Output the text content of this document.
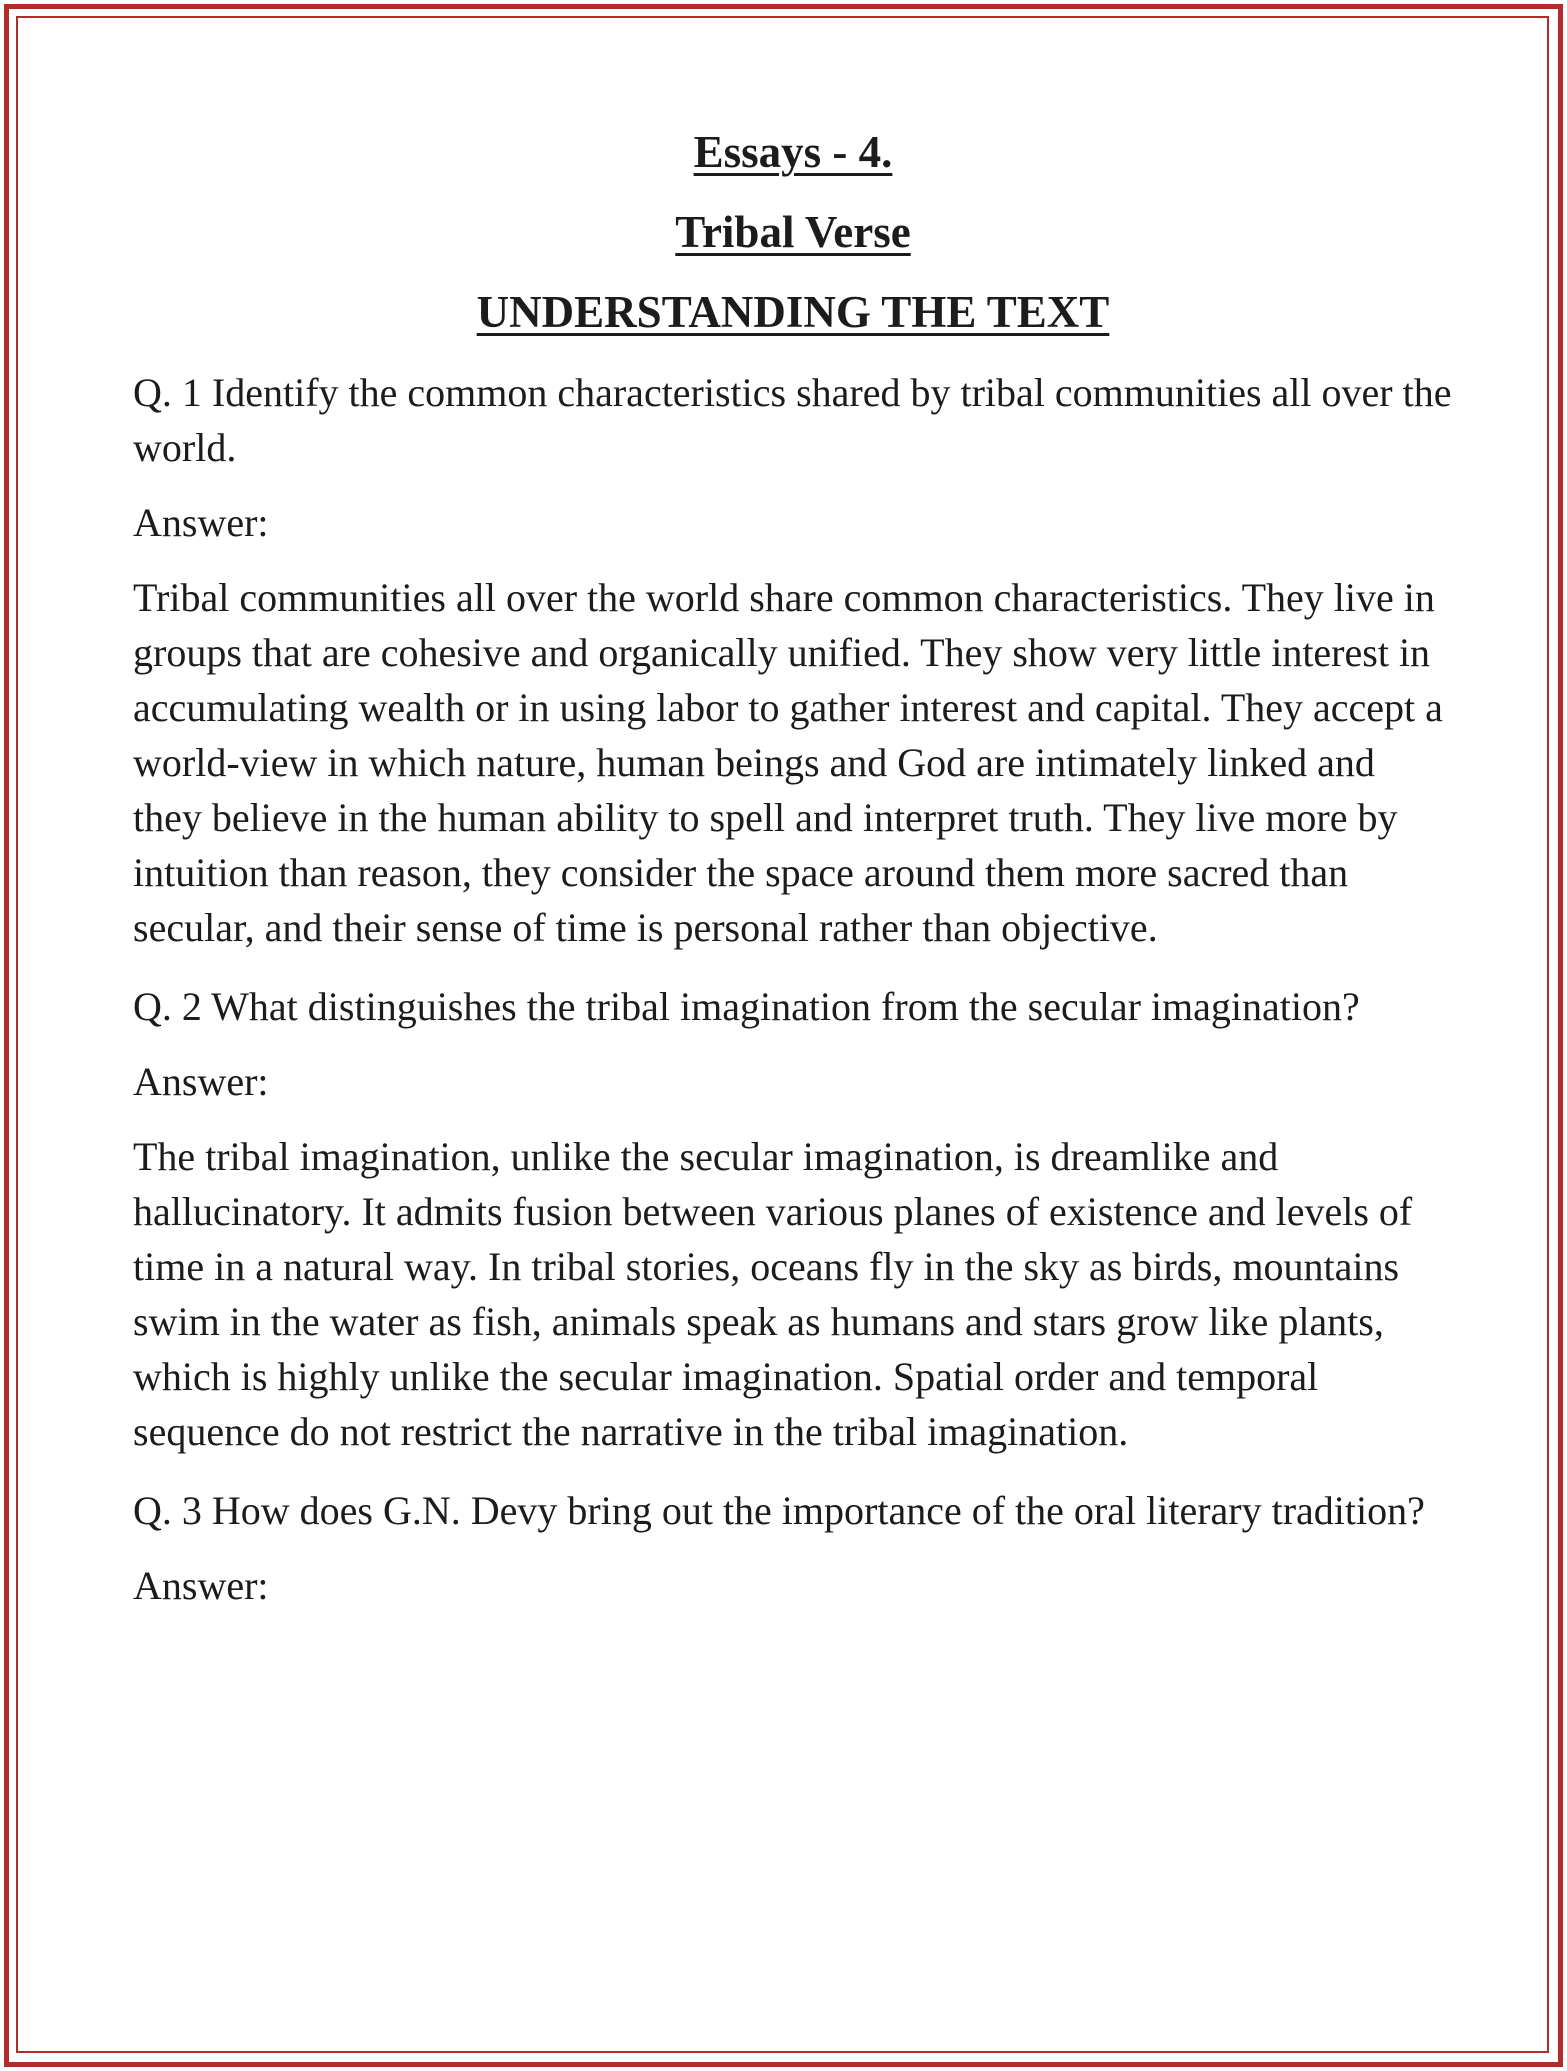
Essays - 4.
Tribal Verse
UNDERSTANDING THE TEXT

Q. 1 Identify the common characteristics shared by tribal communities all over the world.

Answer:

Tribal communities all over the world share common characteristics. They live in groups that are cohesive and organically unified. They show very little interest in accumulating wealth or in using labor to gather interest and capital. They accept a world-view in which nature, human beings and God are intimately linked and they believe in the human ability to spell and interpret truth. They live more by intuition than reason, they consider the space around them more sacred than secular, and their sense of time is personal rather than objective.

Q. 2 What distinguishes the tribal imagination from the secular imagination?

Answer:

The tribal imagination, unlike the secular imagination, is dreamlike and hallucinatory. It admits fusion between various planes of existence and levels of time in a natural way. In tribal stories, oceans fly in the sky as birds, mountains swim in the water as fish, animals speak as humans and stars grow like plants, which is highly unlike the secular imagination. Spatial order and temporal sequence do not restrict the narrative in the tribal imagination.

Q. 3 How does G.N. Devy bring out the importance of the oral literary tradition?

Answer:
